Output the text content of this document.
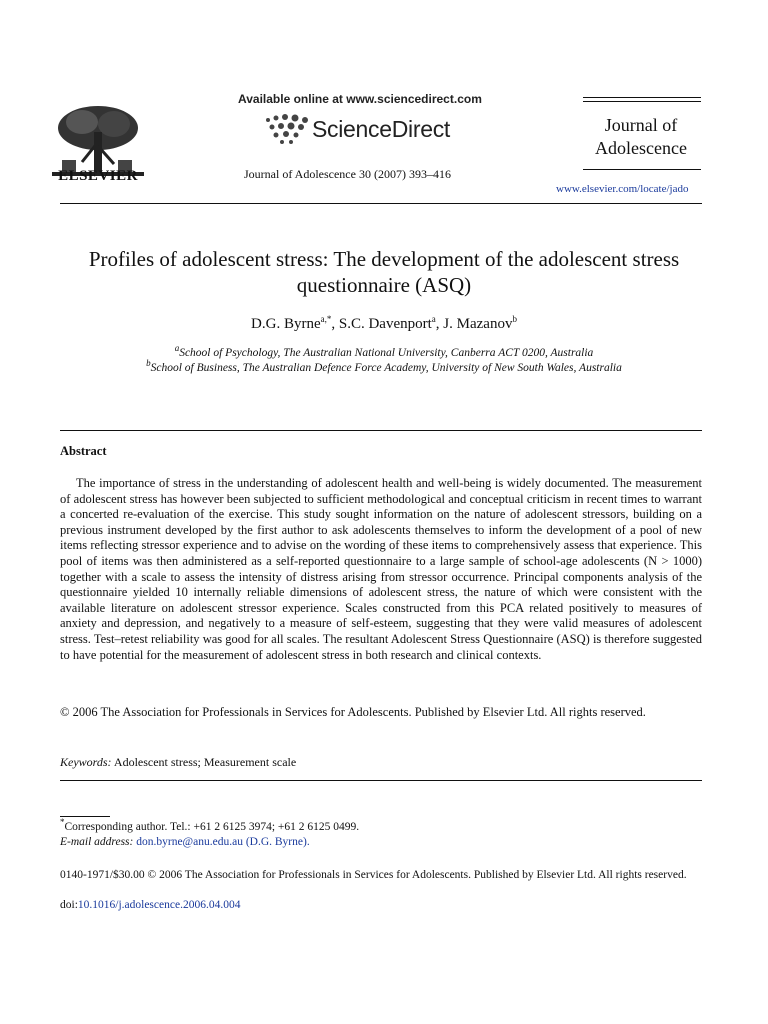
ELSEVIER
Available online at www.sciencedirect.com
ScienceDirect
Journal of Adolescence 30 (2007) 393–416
Journal of
Adolescence
www.elsevier.com/locate/jado
Profiles of adolescent stress: The development of the adolescent stress questionnaire (ASQ)
D.G. Byrne$^{a,*}$, S.C. Davenport$^a$, J. Mazanov$^b$
$^a$School of Psychology, The Australian National University, Canberra ACT 0200, Australia
$^b$School of Business, The Australian Defence Force Academy, University of New South Wales, Australia
Abstract
The importance of stress in the understanding of adolescent health and well-being is widely documented. The measurement of adolescent stress has however been subjected to sufficient methodological and conceptual criticism in recent times to warrant a concerted re-evaluation of the exercise. This study sought information on the nature of adolescent stressors, building on a previous instrument developed by the first author to ask adolescents themselves to inform the development of a pool of new items reflecting stressor experience and to advise on the wording of these items to comprehensively assess that experience. This pool of items was then administered as a self-reported questionnaire to a large sample of school-age adolescents (N > 1000) together with a scale to assess the intensity of distress arising from stressor occurrence. Principal components analysis of the questionnaire yielded 10 internally reliable dimensions of adolescent stress, the nature of which were consistent with the available literature on adolescent stressor experience. Scales constructed from this PCA related positively to measures of anxiety and depression, and negatively to a measure of self-esteem, suggesting that they were valid measures of adolescent stress. Test–retest reliability was good for all scales. The resultant Adolescent Stress Questionnaire (ASQ) is therefore suggested to have potential for the measurement of adolescent stress in both research and clinical contexts.
© 2006 The Association for Professionals in Services for Adolescents. Published by Elsevier Ltd. All rights reserved.
Keywords: Adolescent stress; Measurement scale
*Corresponding author. Tel.: +61 2 6125 3974; +61 2 6125 0499.
E-mail address: don.byrne@anu.edu.au (D.G. Byrne).
0140-1971/$30.00 © 2006 The Association for Professionals in Services for Adolescents. Published by Elsevier Ltd. All rights reserved.
doi:10.1016/j.adolescence.2006.04.004
